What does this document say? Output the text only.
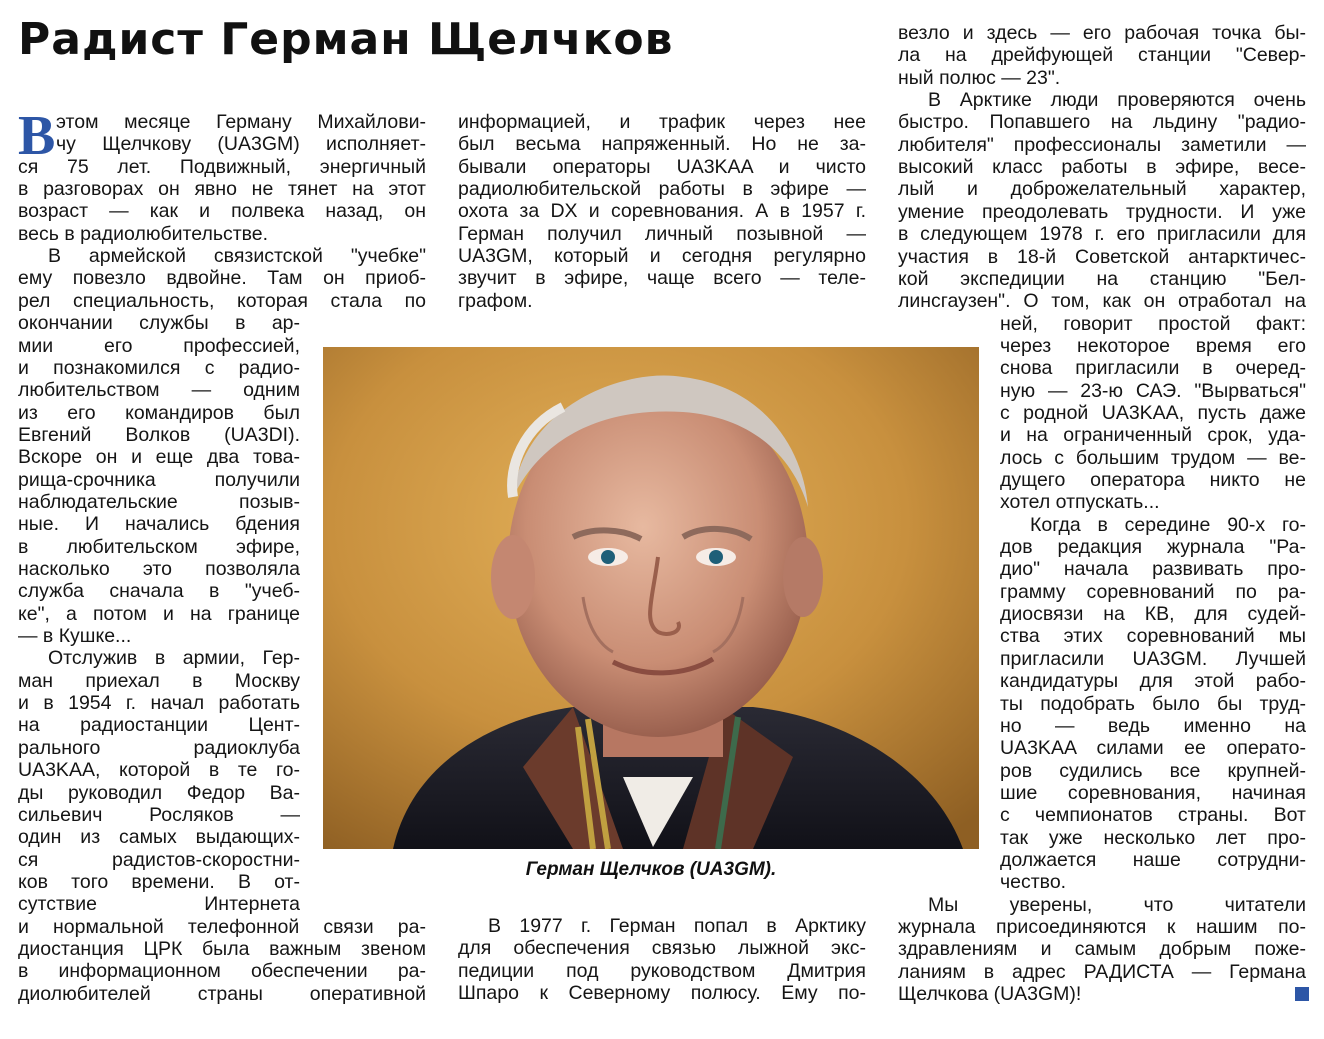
Радист Герман Щелчков
В этом месяце Герману Михайлови-
чу Щелчкову (UA3GM) исполняет-
ся 75 лет. Подвижный, энергичный
в разговорах он явно не тянет на этот
возраст — как и полвека назад, он
весь в радиолюбительстве.
В армейской связистской "учебке"
ему повезло вдвойне. Там он приоб-
рел специальность, которая стала по
окончании службы в ар-
мии его профессией,
и познакомился с радио-
любительством — одним
из его командиров был
Евгений Волков (UA3DI).
Вскоре он и еще два това-
рища-срочника получили
наблюдательские позыв-
ные. И начались бдения
в любительском эфире,
насколько это позволяла
служба сначала в "учеб-
ке", а потом и на границе
— в Кушке...
Отслужив в армии, Гер-
ман приехал в Москву
и в 1954 г. начал работать
на радиостанции Цент-
рального радиоклуба
UA3KAA, которой в те го-
ды руководил Федор Ва-
сильевич Росляков —
один из самых выдающих-
ся радистов-скоростни-
ков того времени. В от-
сутствие Интернета
и нормальной телефонной связи ра-
диостанция ЦРК была важным звеном
в информационном обеспечении ра-
диолюбителей страны оперативной
информацией, и трафик через нее
был весьма напряженный. Но не за-
бывали операторы UA3KAA и чисто
радиолюбительской работы в эфире —
охота за DX и соревнования. А в 1957 г.
Герман получил личный позывной —
UA3GM, который и сегодня регулярно
звучит в эфире, чаще всего — теле-
графом.
В 1977 г. Герман попал в Арктику
для обеспечения связью лыжной экс-
педиции под руководством Дмитрия
Шпаро к Северному полюсу. Ему по-
везло и здесь — его рабочая точка бы-
ла на дрейфующей станции "Север-
ный полюс — 23".
В Арктике люди проверяются очень
быстро. Попавшего на льдину "радио-
любителя" профессионалы заметили —
высокий класс работы в эфире, весе-
лый и доброжелательный характер,
умение преодолевать трудности. И уже
в следующем 1978 г. его пригласили для
участия в 18-й Советской антарктичес-
кой экспедиции на станцию "Бел-
линсгаузен". О том, как он отработал на
ней, говорит простой факт:
через некоторое время его
снова пригласили в очеред-
ную — 23-ю САЭ. "Вырваться"
с родной UA3KAA, пусть даже
и на ограниченный срок, уда-
лось с большим трудом — ве-
дущего оператора никто не
хотел отпускать...
Когда в середине 90-х го-
дов редакция журнала "Ра-
дио" начала развивать про-
грамму соревнований по ра-
диосвязи на КВ, для судей-
ства этих соревнований мы
пригласили UA3GM. Лучшей
кандидатуры для этой рабо-
ты подобрать было бы труд-
но — ведь именно на
UA3KAA силами ее операто-
ров судились все крупней-
шие соревнования, начиная
с чемпионатов страны. Вот
так уже несколько лет про-
должается наше сотрудни-
чество.
Мы уверены, что читатели
журнала присоединяются к нашим по-
здравлениям и самым добрым поже-
ланиям в адрес РАДИСТА — Германа
Щелчкова (UA3GM)!
Герман Щелчков (UA3GM).
